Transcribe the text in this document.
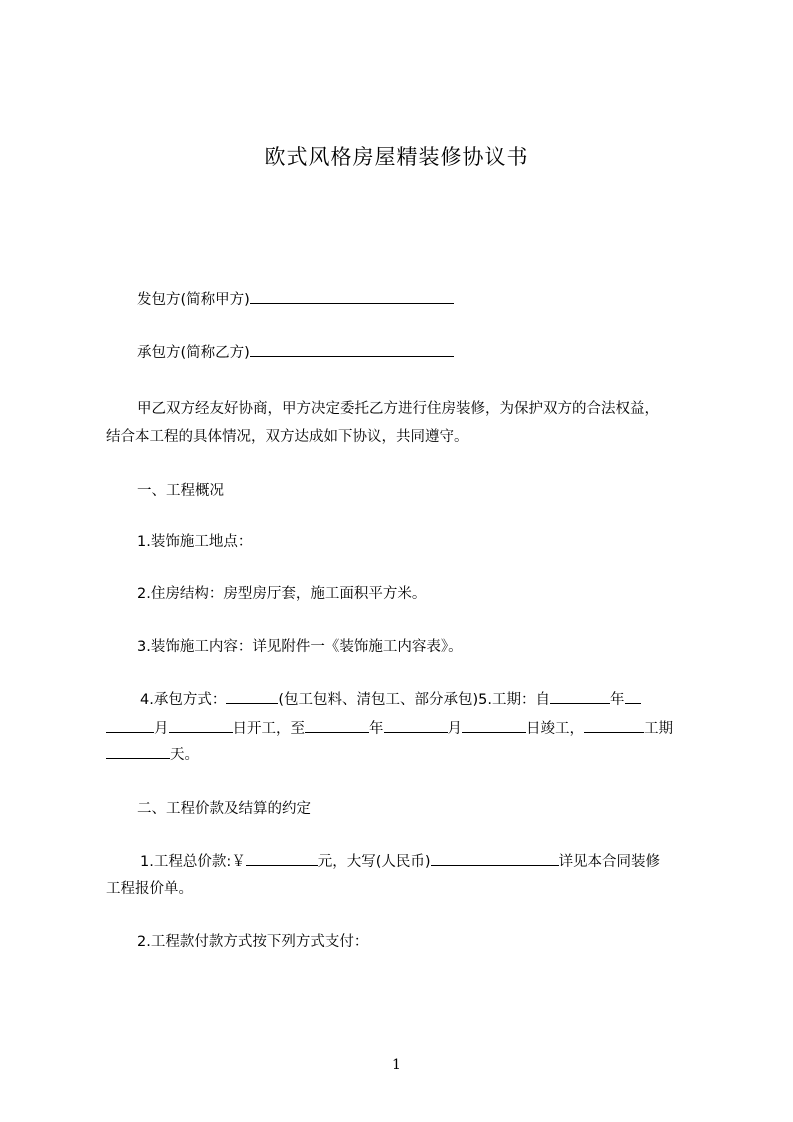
欧式风格房屋精装修协议书
发包方(简称甲方)
承包方(简称乙方)
甲乙双方经友好协商，甲方决定委托乙方进行住房装修，为保护双方的合法权益，
结合本工程的具体情况，双方达成如下协议，共同遵守。
一、工程概况
1.装饰施工地点：
2.住房结构：房型房厅套，施工面积平方米。
3.装饰施工内容：详见附件一《装饰施工内容表》。
4.承包方式：	(包工包料、清包工、部分承包)5.工期：自	年
月	日开工，至	年	月	日竣工，	工期
天。
二、工程价款及结算的约定
1.工程总价款:￥	元，大写(人民币)	详见本合同装修
工程报价单。
2.工程款付款方式按下列方式支付：
1
